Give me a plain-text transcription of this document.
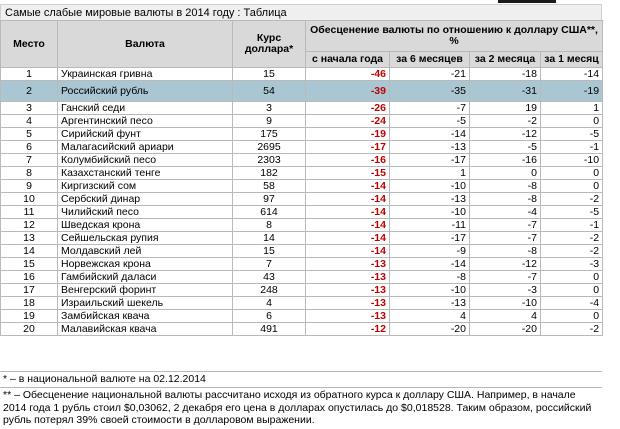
Самые слабые мировые валюты в 2014 году : Таблица
Место	Валюта	Курс доллара*	Обесценение валюты по отношению к доллару США**, %			
			с начала года	за 6 месяцев	за 2 месяца	за 1 месяц
1	Украинская гривна	15	-46	-21	-18	-14
2	Российский рубль	54	-39	-35	-31	-19
3	Ганский седи	3	-26	-7	19	1
4	Аргентинский песо	9	-24	-5	-2	0
5	Сирийский фунт	175	-19	-14	-12	-5
6	Малагасийский ариари	2695	-17	-13	-5	-1
7	Колумбийский песо	2303	-16	-17	-16	-10
8	Казахстанский тенге	182	-15	1	0	0
9	Киргизский сом	58	-14	-10	-8	0
10	Сербский динар	97	-14	-13	-8	-2
11	Чилийский песо	614	-14	-10	-4	-5
12	Шведская крона	8	-14	-11	-7	-1
13	Сейшельская рупия	14	-14	-17	-7	-2
14	Молдавский лей	15	-14	-9	-8	-2
15	Норвежская крона	7	-13	-14	-12	-3
16	Гамбийский даласи	43	-13	-8	-7	0
17	Венгерский форинт	248	-13	-10	-3	0
18	Израильский шекель	4	-13	-13	-10	-4
19	Замбийская квача	6	-13	4	4	0
20	Малавийская квача	491	-12	-20	-20	-2
* – в национальной валюте на 02.12.2014
** – Обесценение национальной валюты рассчитано исходя из обратного курса к доллару США. Например, в начале 2014 года 1 рубль стоил $0,03062, 2 декабря его цена в долларах опустилась до $0,018528. Таким образом, российский рубль потерял 39% своей стоимости в долларовом выражении.
